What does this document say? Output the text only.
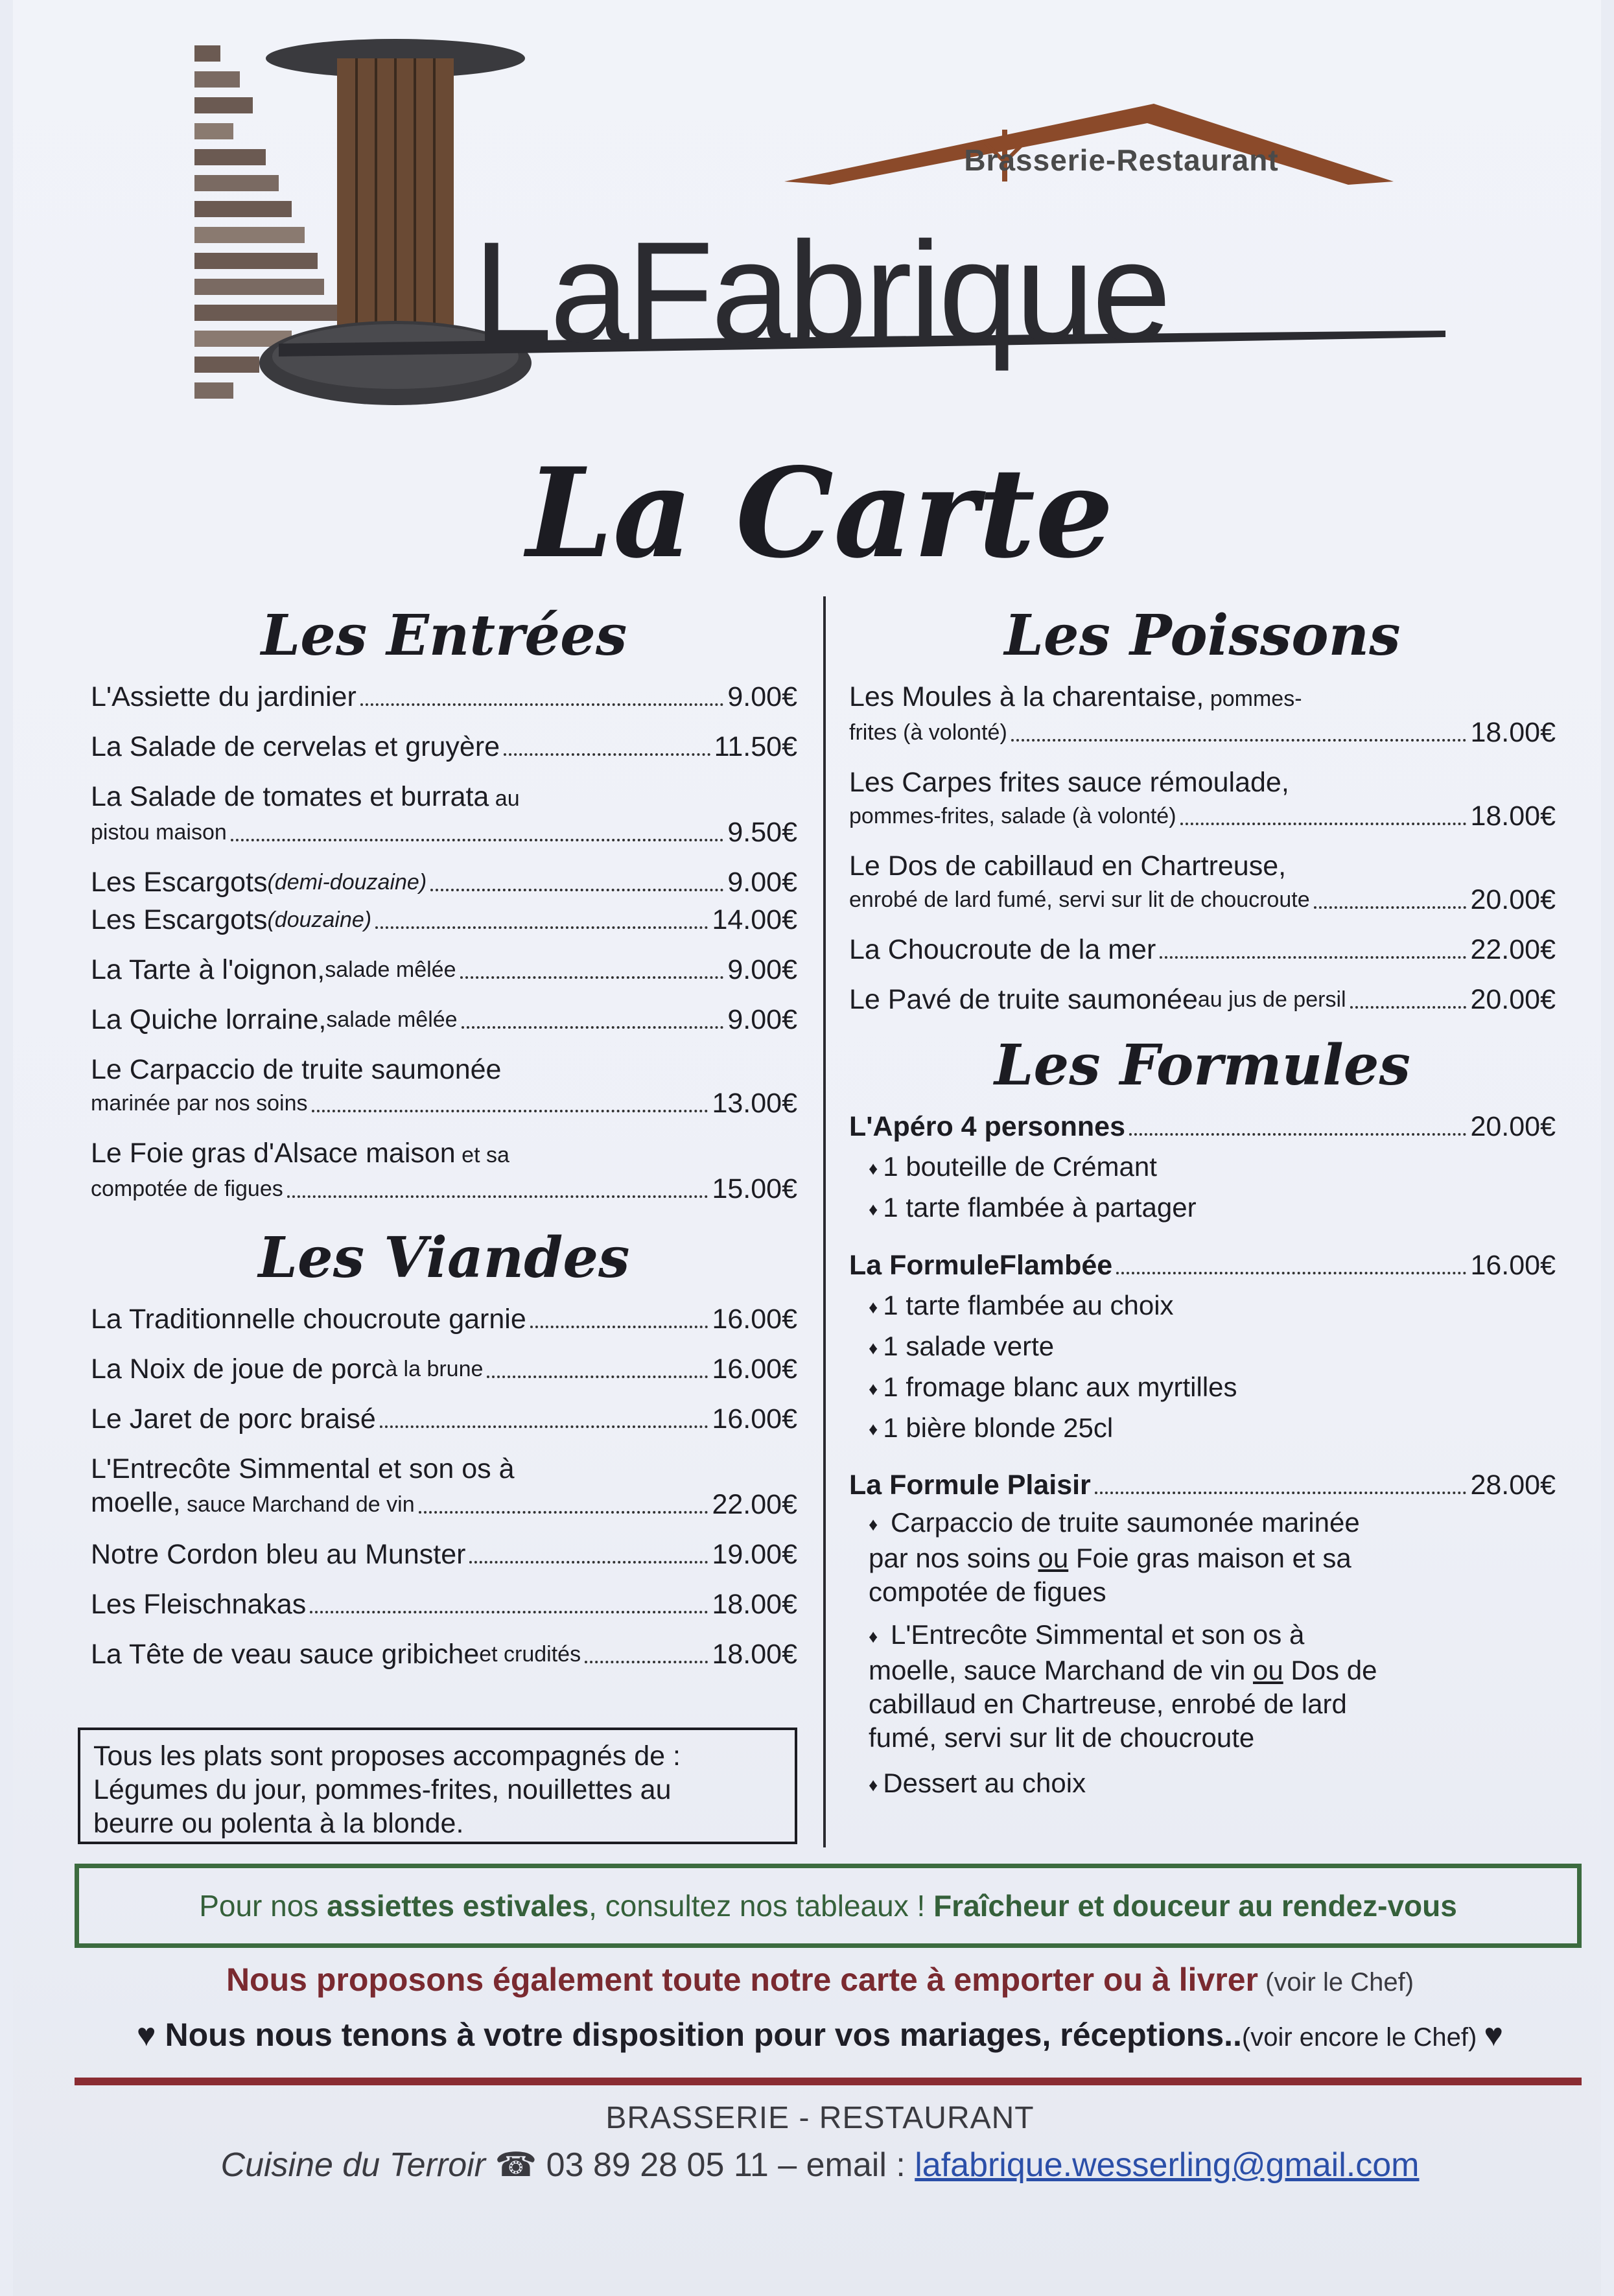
Brasserie-Restaurant
LaFabrique
La Carte
Les Entrées
L'Assiette du jardinier	9.00€
La Salade de cervelas et gruyère	11.50€
La Salade de tomates et burrata au
pistou maison	9.50€
Les Escargots (demi-douzaine)	9.00€
Les Escargots (douzaine)	14.00€
La Tarte à l'oignon, salade mêlée	9.00€
La Quiche lorraine, salade mêlée	9.00€
Le Carpaccio de truite saumonée
marinée par nos soins	13.00€
Le Foie gras d'Alsace maison et sa
compotée de figues	15.00€
Les Viandes
La Traditionnelle choucroute garnie	16.00€
La Noix de joue de porc à la brune	16.00€
Le Jaret de porc braisé	16.00€
L'Entrecôte Simmental et son os à
moelle, sauce Marchand de vin	22.00€
Notre Cordon bleu au Munster	19.00€
Les Fleischnakas	18.00€
La Tête de veau sauce gribiche et crudités	18.00€
Tous les plats sont proposes accompagnés de :
Légumes du jour, pommes-frites, nouillettes au
beurre ou polenta à la blonde.
Les Poissons
Les Moules à la charentaise, pommes-
frites (à volonté)	18.00€
Les Carpes frites sauce rémoulade,
pommes-frites, salade (à volonté)	18.00€
Le Dos de cabillaud en Chartreuse,
enrobé de lard fumé, servi sur lit de choucroute	20.00€
La Choucroute de la mer	22.00€
Le Pavé de truite saumonée au jus de persil	20.00€
Les Formules
L'Apéro 4 personnes	20.00€
♦ 1 bouteille de Crémant
♦ 1 tarte flambée à partager
La FormuleFlambée	16.00€
♦ 1 tarte flambée au choix
♦ 1 salade verte
♦ 1 fromage blanc aux myrtilles
♦ 1 bière blonde 25cl
La Formule Plaisir	28.00€
♦ Carpaccio de truite saumonée marinée
par nos soins ou Foie gras maison et sa
compotée de figues
♦ L'Entrecôte Simmental et son os à
moelle, sauce Marchand de vin ou Dos de
cabillaud en Chartreuse, enrobé de lard
fumé, servi sur lit de choucroute
♦ Dessert au choix
Pour nos
assiettes estivales , consultez nos tableaux !
Fraîcheur et douceur au rendez-vous
Nous proposons également toute notre carte à emporter ou à livrer (voir le Chef)
♥ Nous nous tenons à votre disposition pour vos mariages, réceptions..(voir encore le Chef) ♥
BRASSERIE - RESTAURANT
Cuisine du Terroir ☎ 03 89 28 05 11 – email : lafabrique.wesserling@gmail.com
